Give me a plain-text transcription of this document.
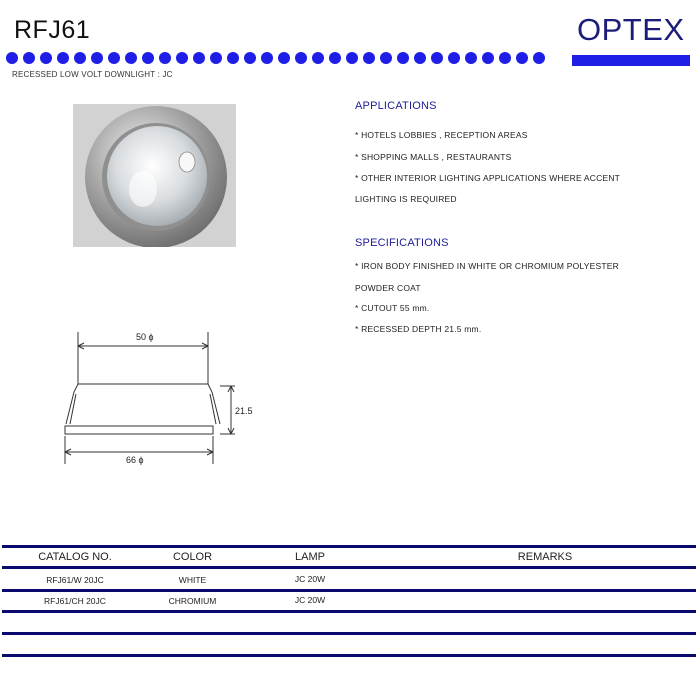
RFJ61	OPTEX
RECESSED LOW VOLT DOWNLIGHT : JC
50 ϕ
21.5
66 ϕ
APPLICATIONS
* HOTELS LOBBIES , RECEPTION AREAS
* SHOPPING MALLS , RESTAURANTS
* OTHER INTERIOR LIGHTING APPLICATIONS WHERE ACCENT
LIGHTING IS REQUIRED
SPECIFICATIONS
* IRON BODY FINISHED IN WHITE OR CHROMIUM POLYESTER
POWDER COAT
* CUTOUT 55 mm.
* RECESSED DEPTH 21.5 mm.
CATALOG NO.	COLOR	LAMP	REMARKS
RFJ61/W 20JC	WHITE	JC 20W
RFJ61/CH 20JC	CHROMIUM	JC 20W
